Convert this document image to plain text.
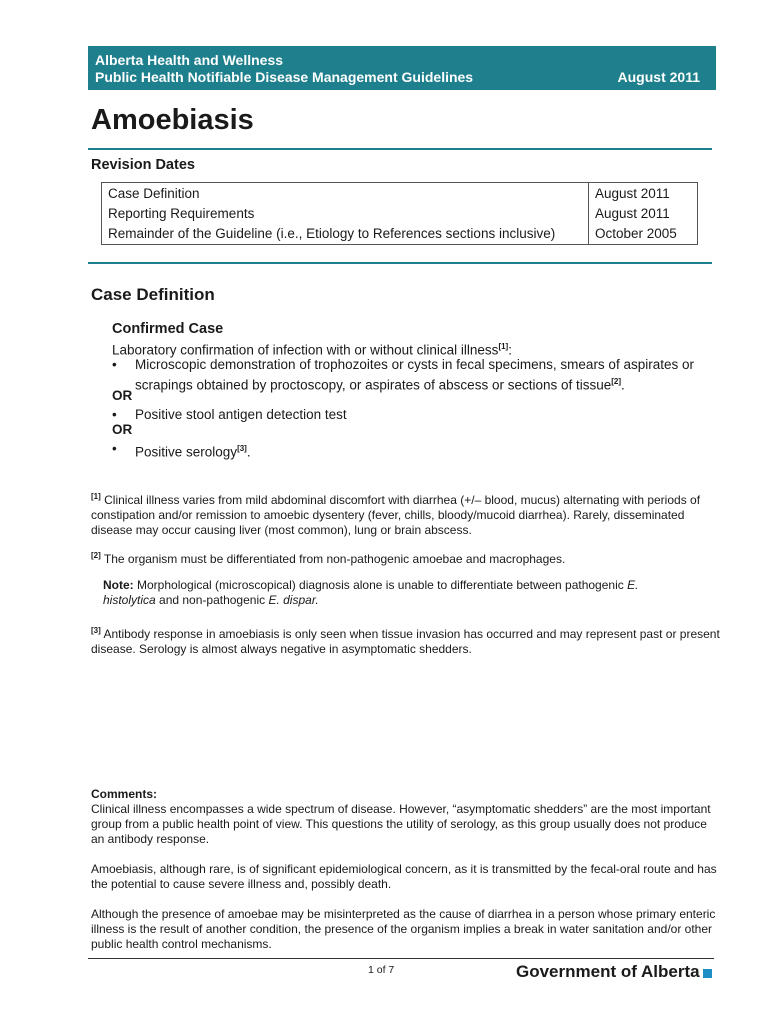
Alberta Health and Wellness
Public Health Notifiable Disease Management Guidelines	August 2011
Amoebiasis
Revision Dates
Case Definition	August 2011
Reporting Requirements	August 2011
Remainder of the Guideline (i.e., Etiology to References sections inclusive)	October 2005
Case Definition
Confirmed Case
Laboratory confirmation of infection with or without clinical illness[1]:
• Microscopic demonstration of trophozoites or cysts in fecal specimens, smears of aspirates or
scrapings obtained by proctoscopy, or aspirates of abscess or sections of tissue[2].
OR
• Positive stool antigen detection test
OR
• Positive serology[3].
[1] Clinical illness varies from mild abdominal discomfort with diarrhea (+/– blood, mucus) alternating with periods of constipation and/or remission to amoebic dysentery (fever, chills, bloody/mucoid diarrhea). Rarely, disseminated disease may occur causing liver (most common), lung or brain abscess.
[2] The organism must be differentiated from non-pathogenic amoebae and macrophages.
Note: Morphological (microscopical) diagnosis alone is unable to differentiate between pathogenic E. histolytica and non-pathogenic E. dispar.
[3] Antibody response in amoebiasis is only seen when tissue invasion has occurred and may represent past or present disease. Serology is almost always negative in asymptomatic shedders.
Comments:
Clinical illness encompasses a wide spectrum of disease. However, “asymptomatic shedders” are the most important group from a public health point of view. This questions the utility of serology, as this group usually does not produce an antibody response.
Amoebiasis, although rare, is of significant epidemiological concern, as it is transmitted by the fecal-oral route and has the potential to cause severe illness and, possibly death.
Although the presence of amoebae may be misinterpreted as the cause of diarrhea in a person whose primary enteric illness is the result of another condition, the presence of the organism implies a break in water sanitation and/or other public health control mechanisms.
1 of 7	Government of Alberta
